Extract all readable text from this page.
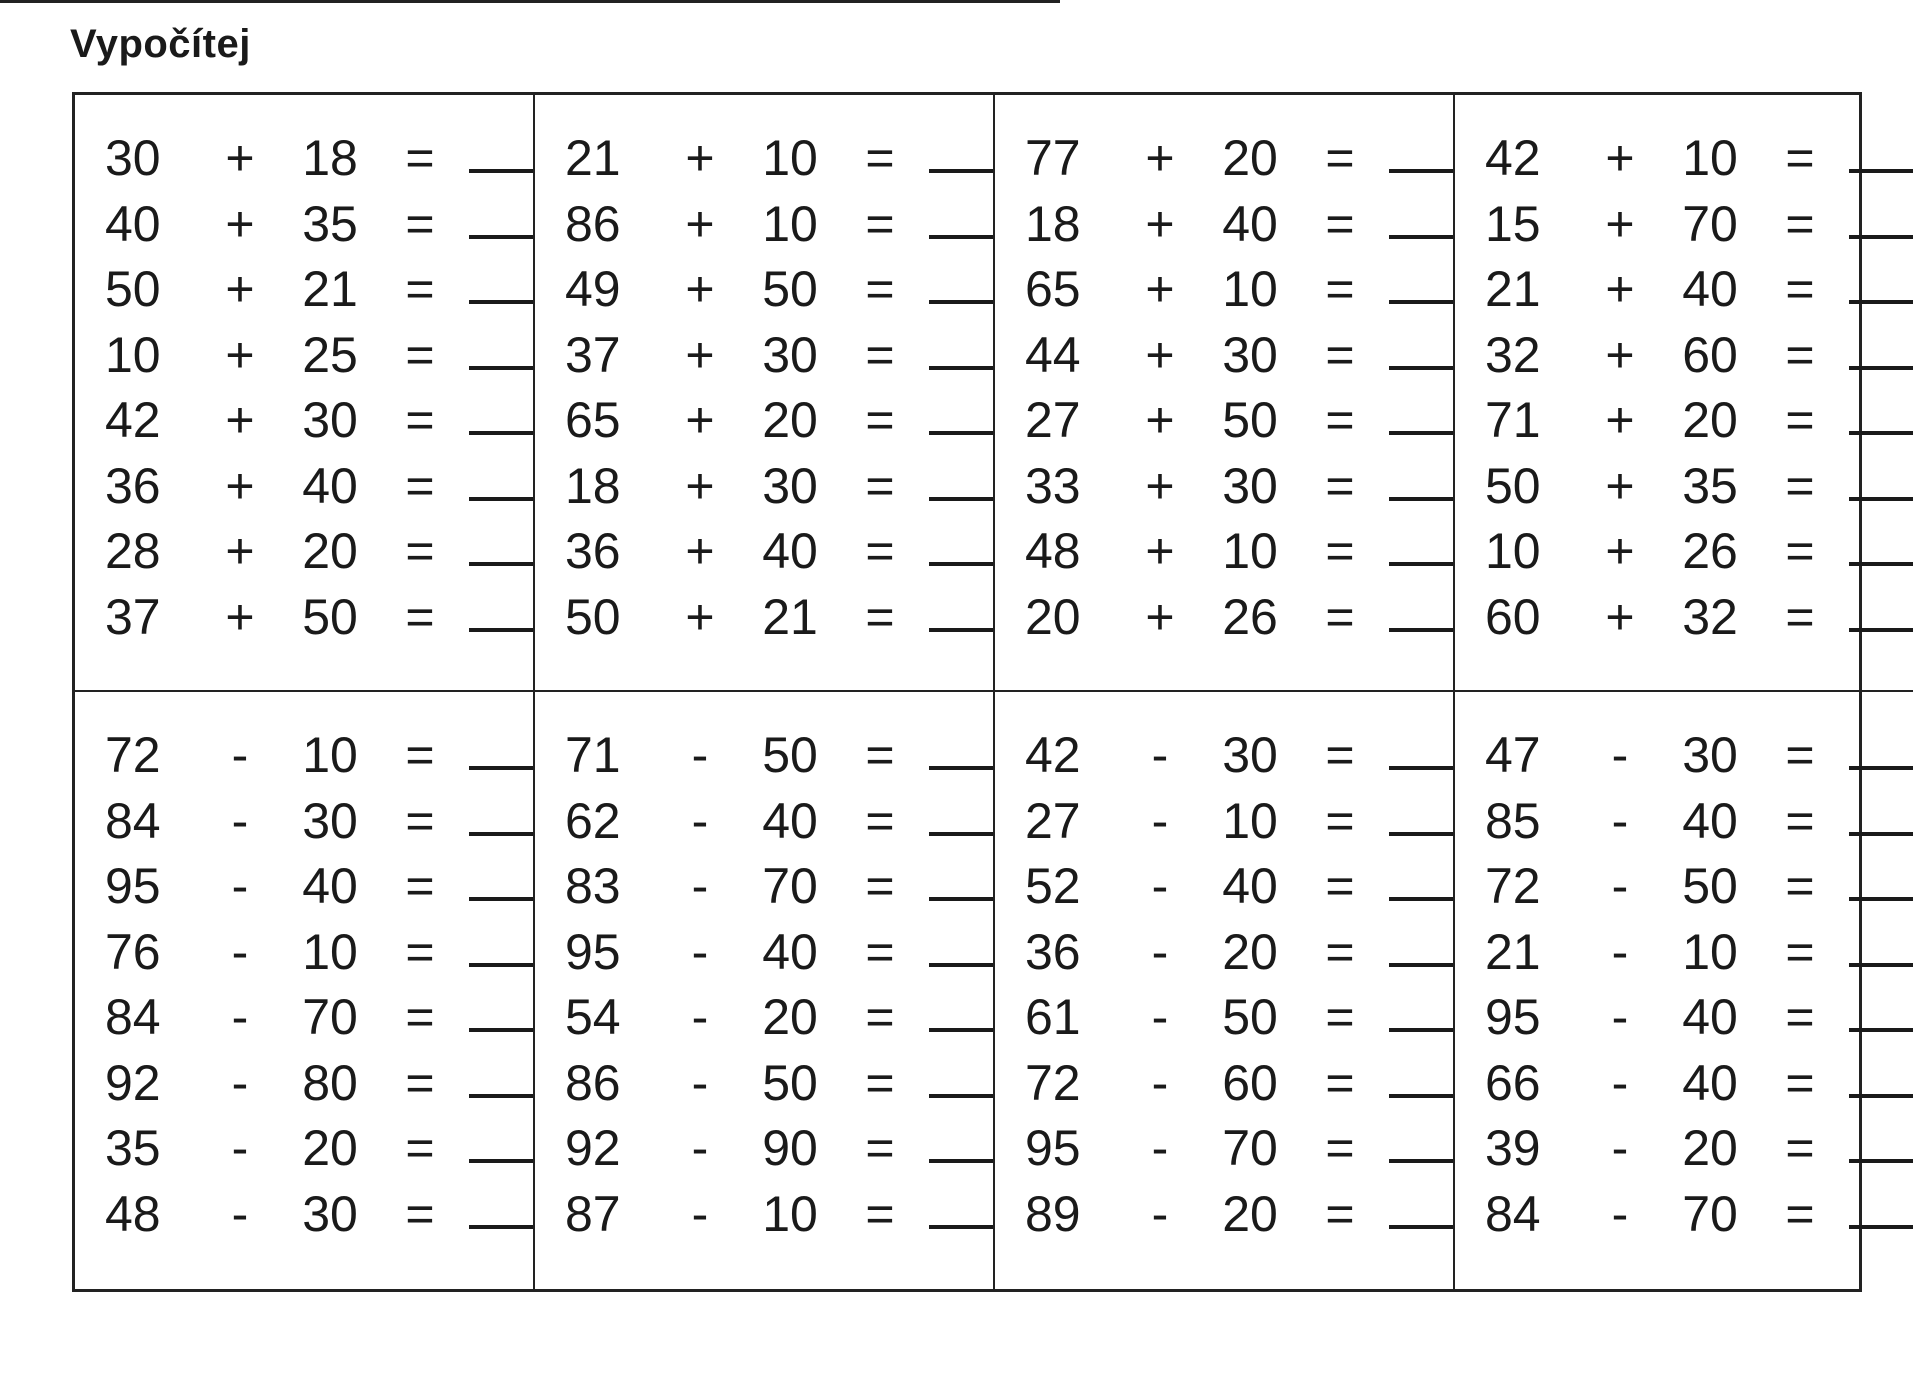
Vypočítej
30	+ 18 =
40	+ 35 =
50	+ 21 =
10	+ 25 =
42	+ 30 =
36	+ 40 =
28	+ 20 =
37	+ 50 =
21	+ 10 =
86	+ 10 =
49	+ 50 =
37	+ 30 =
65	+ 20 =
18	+ 30 =
36	+ 40 =
50	+ 21 =
77	+ 20 =
18	+ 40 =
65	+ 10 =
44	+ 30 =
27	+ 50 =
33	+ 30 =
48	+ 10 =
20	+ 26 =
42	+ 10 =
15	+ 70 =
21	+ 40 =
32	+ 60 =
71	+ 20 =
50	+ 35 =
10	+ 26 =
60	+ 32 =
72	-	10 =
84	-	30 =
95	-	40 =
76	-	10 =
84	-	70 =
92	-	80 =
35	-	20 =
48	-	30 =
71	-	50 =
62	-	40 =
83	-	70 =
95	-	40 =
54	-	20 =
86	-	50 =
92	-	90 =
87	-	10 =
42	-	30 =
27	-	10 =
52	-	40 =
36	-	20 =
61	-	50 =
72	-	60 =
95	-	70 =
89	-	20 =
47	-	30 =
85	-	40 =
72	-	50 =
21	-	10 =
95	-	40 =
66	-	40 =
39	-	20 =
84	-	70 =
